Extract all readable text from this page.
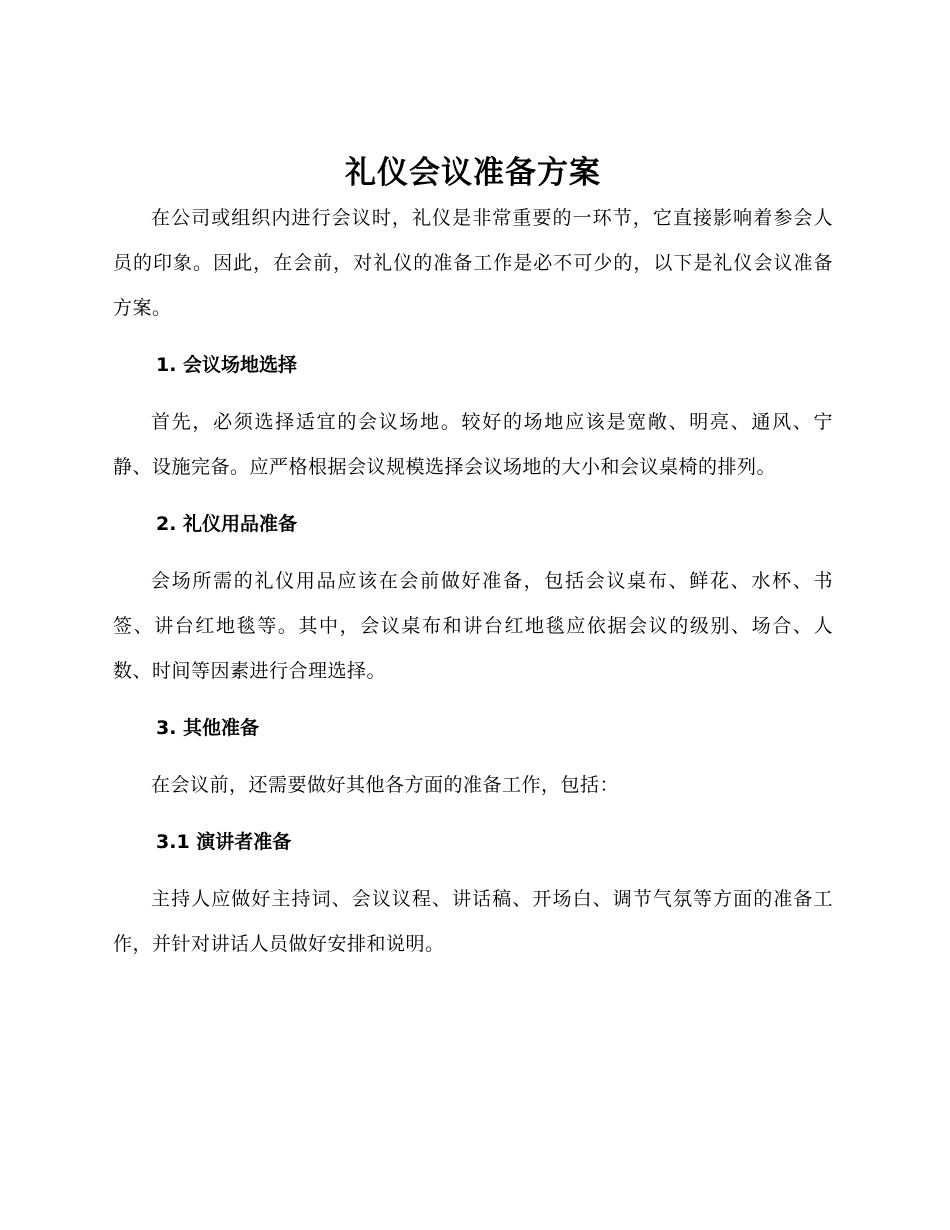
礼仪会议准备方案

在公司或组织内进行会议时，礼仪是非常重要的一环节，它直接影响着参会人员的印象。因此，在会前，对礼仪的准备工作是必不可少的，以下是礼仪会议准备方案。

1. 会议场地选择

首先，必须选择适宜的会议场地。较好的场地应该是宽敞、明亮、通风、宁静、设施完备。应严格根据会议规模选择会议场地的大小和会议桌椅的排列。

2. 礼仪用品准备

会场所需的礼仪用品应该在会前做好准备，包括会议桌布、鲜花、水杯、书签、讲台红地毯等。其中，会议桌布和讲台红地毯应依据会议的级别、场合、人数、时间等因素进行合理选择。

3. 其他准备

在会议前，还需要做好其他各方面的准备工作，包括：

3.1 演讲者准备

主持人应做好主持词、会议议程、讲话稿、开场白、调节气氛等方面的准备工作，并针对讲话人员做好安排和说明。
